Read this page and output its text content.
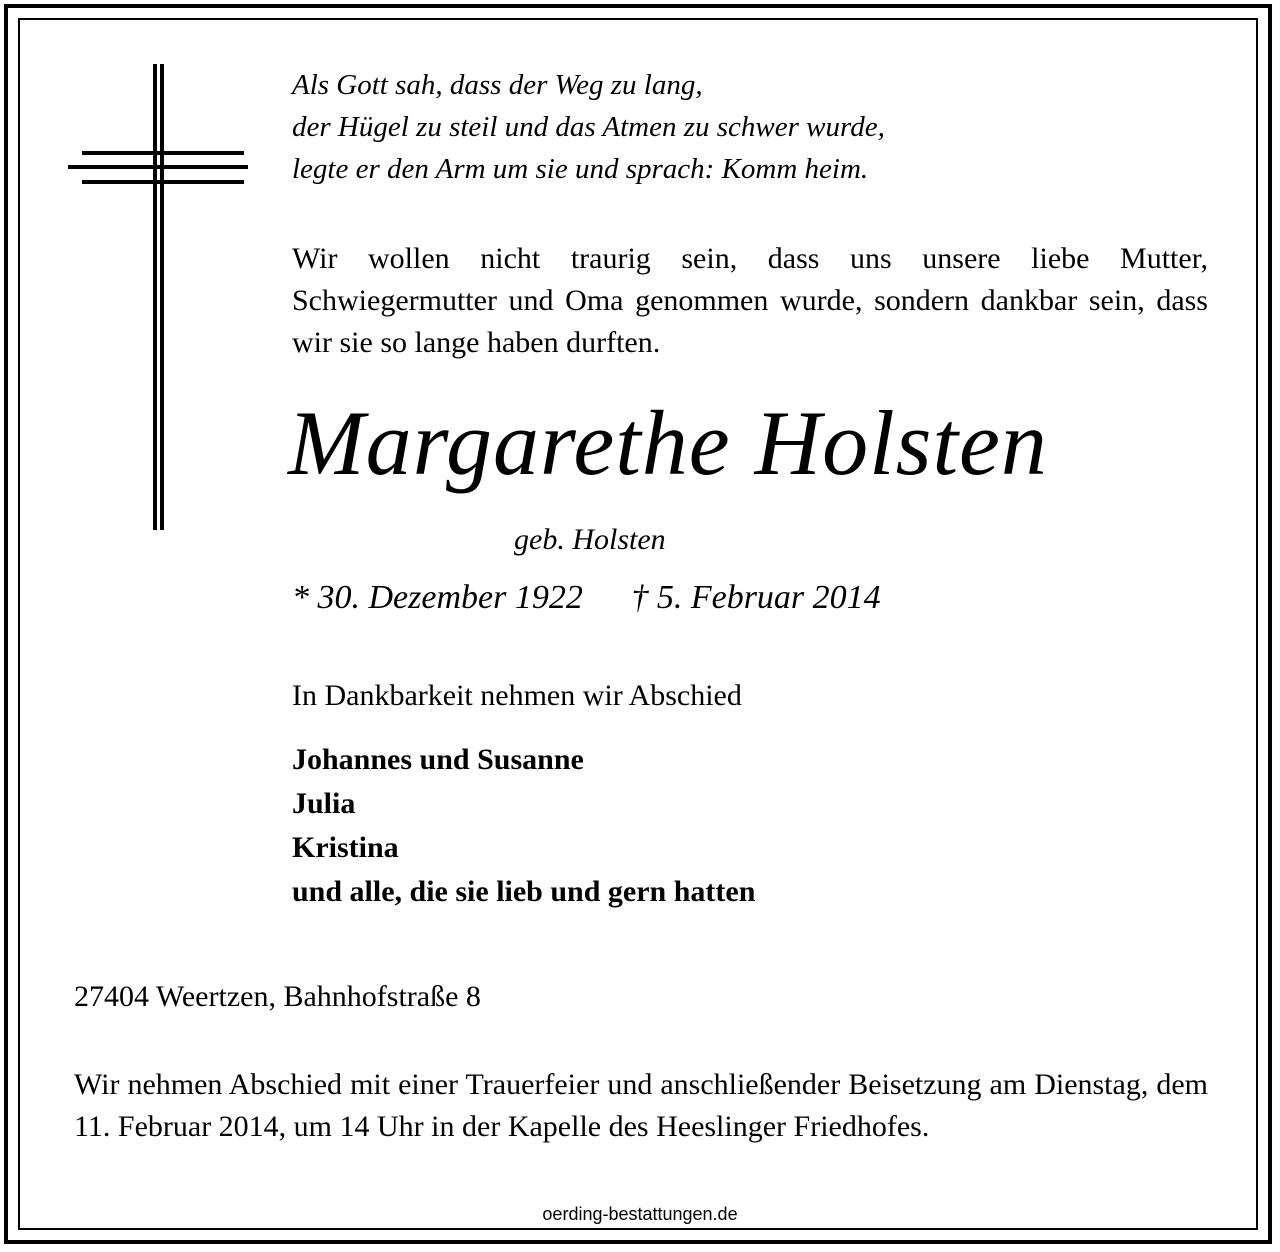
Als Gott sah, dass der Weg zu lang,
der Hügel zu steil und das Atmen zu schwer wurde,
legte er den Arm um sie und sprach: Komm heim.
Wir wollen nicht traurig sein, dass uns unsere liebe Mutter, Schwiegermutter und Oma genommen wurde, sondern dankbar sein, dass wir sie so lange haben durften.
Margarethe Holsten
geb. Holsten
* 30. Dezember 1922 † 5. Februar 2014
In Dankbarkeit nehmen wir Abschied
Johannes und Susanne
Julia
Kristina
und alle, die sie lieb und gern hatten
27404 Weertzen, Bahnhofstraße 8
Wir nehmen Abschied mit einer Trauerfeier und anschließender Beisetzung am Dienstag, dem 11. Februar 2014, um 14 Uhr in der Kapelle des Heeslinger Friedhofes.
oerding-bestattungen.de
